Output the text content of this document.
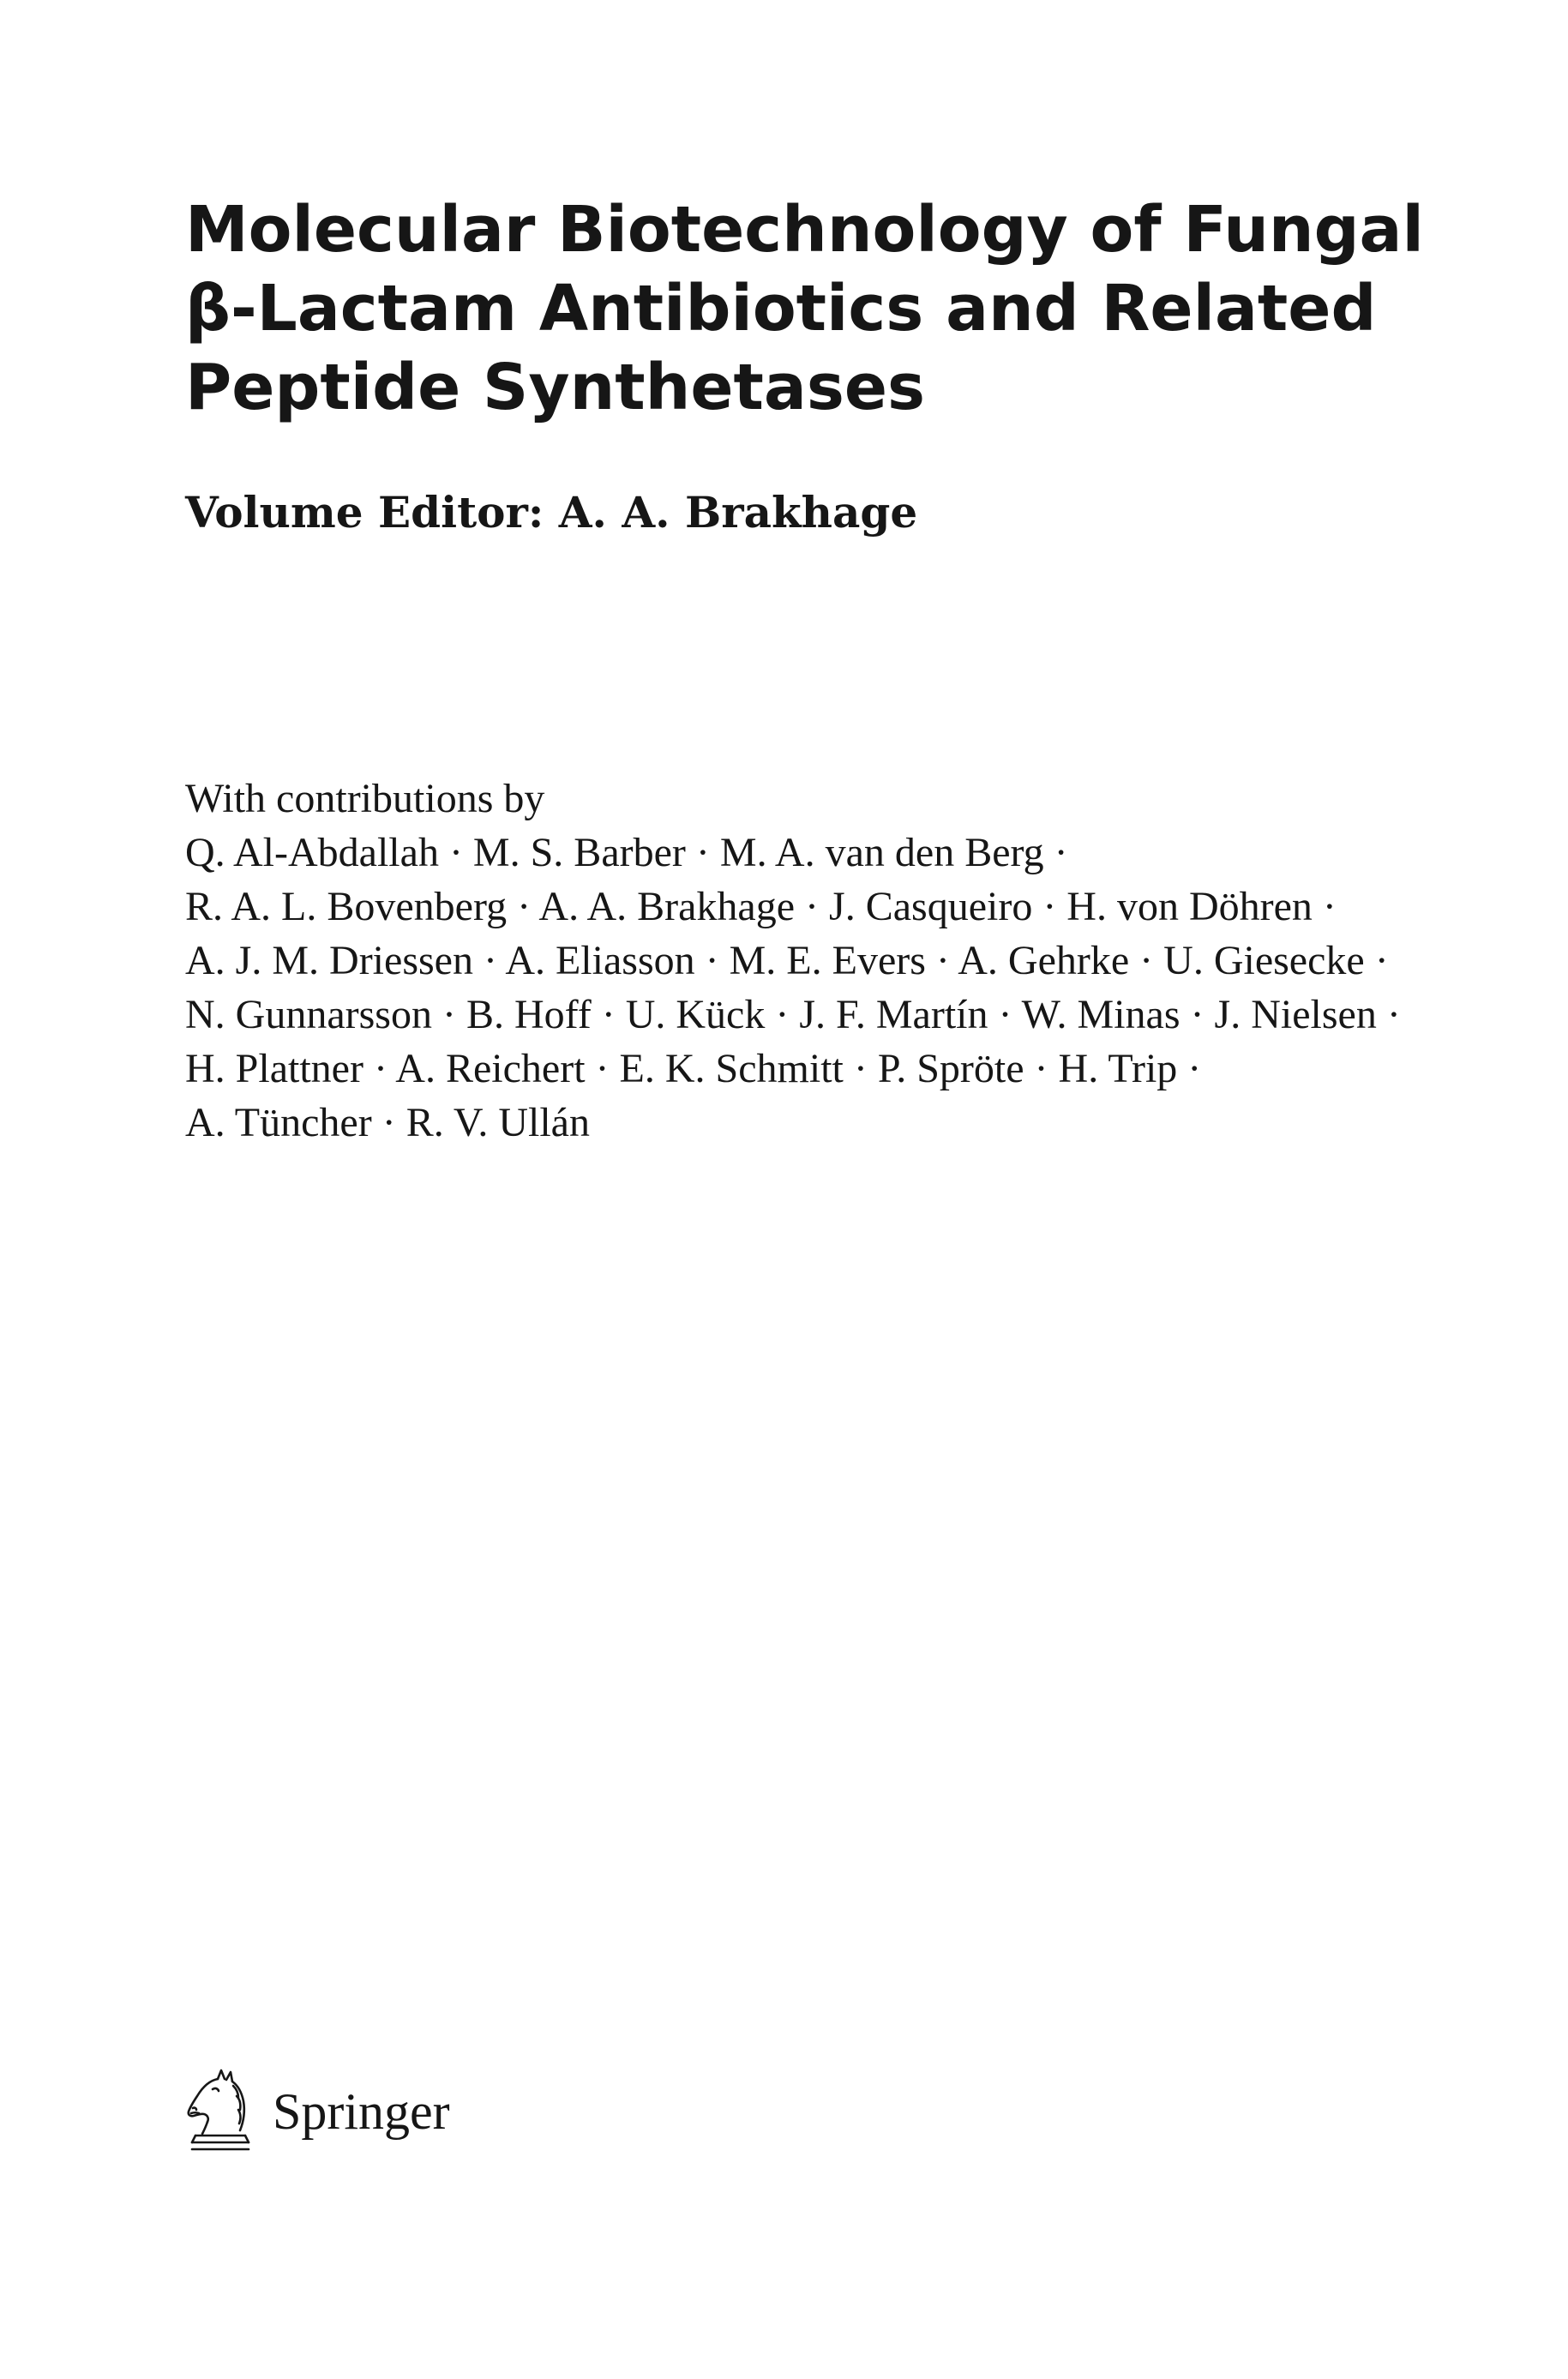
Molecular Biotechnology of Fungal
β-Lactam Antibiotics and Related
Peptide Synthetases

Volume Editor: A. A. Brakhage

With contributions by
Q. Al-Abdallah · M. S. Barber · M. A. van den Berg ·
R. A. L. Bovenberg · A. A. Brakhage · J. Casqueiro · H. von Döhren ·
A. J. M. Driessen · A. Eliasson · M. E. Evers · A. Gehrke · U. Giesecke ·
N. Gunnarsson · B. Hoff · U. Kück · J. F. Martín · W. Minas · J. Nielsen ·
H. Plattner · A. Reichert · E. K. Schmitt · P. Spröte · H. Trip ·
A. Tüncher · R. V. Ullán
Springer
